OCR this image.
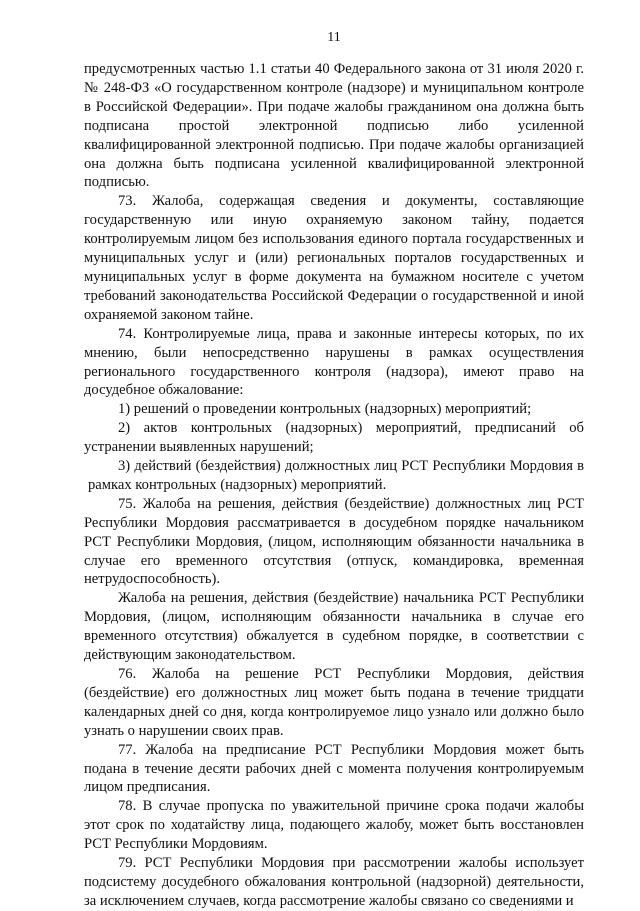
11

предусмотренных частью 1.1 статьи 40 Федерального закона от 31 июля 2020 г. № 248-ФЗ «О государственном контроле (надзоре) и муниципальном контроле в Российской Федерации». При подаче жалобы гражданином она должна быть подписана простой электронной подписью либо усиленной квалифицированной электронной подписью. При подаче жалобы организацией она должна быть подписана усиленной квалифицированной электронной подписью.

73. Жалоба, содержащая сведения и документы, составляющие государственную или иную охраняемую законом тайну, подается контролируемым лицом без использования единого портала государственных и муниципальных услуг и (или) региональных порталов государственных и муниципальных услуг в форме документа на бумажном носителе с учетом требований законодательства Российской Федерации о государственной и иной охраняемой законом тайне.

74. Контролируемые лица, права и законные интересы которых, по их мнению, были непосредственно нарушены в рамках осуществления регионального государственного контроля (надзора), имеют право на досудебное обжалование:

1) решений о проведении контрольных (надзорных) мероприятий;

2) актов контрольных (надзорных) мероприятий, предписаний об устранении выявленных нарушений;

3) действий (бездействия) должностных лиц РСТ Республики Мордовия в рамках контрольных (надзорных) мероприятий.

75. Жалоба на решения, действия (бездействие) должностных лиц РСТ Республики Мордовия рассматривается в досудебном порядке начальником РСТ Республики Мордовия, (лицом, исполняющим обязанности начальника в случае его временного отсутствия (отпуск, командировка, временная нетрудоспособность).

Жалоба на решения, действия (бездействие) начальника РСТ Республики Мордовия, (лицом, исполняющим обязанности начальника в случае его временного отсутствия) обжалуется в судебном порядке, в соответствии с действующим законодательством.

76. Жалоба на решение РСТ Республики Мордовия, действия (бездействие) его должностных лиц может быть подана в течение тридцати календарных дней со дня, когда контролируемое лицо узнало или должно было узнать о нарушении своих прав.

77. Жалоба на предписание РСТ Республики Мордовия может быть подана в течение десяти рабочих дней с момента получения контролируемым лицом предписания.

78. В случае пропуска по уважительной причине срока подачи жалобы этот срок по ходатайству лица, подающего жалобу, может быть восстановлен РСТ Республики Мордовиям.

79. РСТ Республики Мордовия при рассмотрении жалобы использует подсистему досудебного обжалования контрольной (надзорной) деятельности, за исключением случаев, когда рассмотрение жалобы связано со сведениями и
